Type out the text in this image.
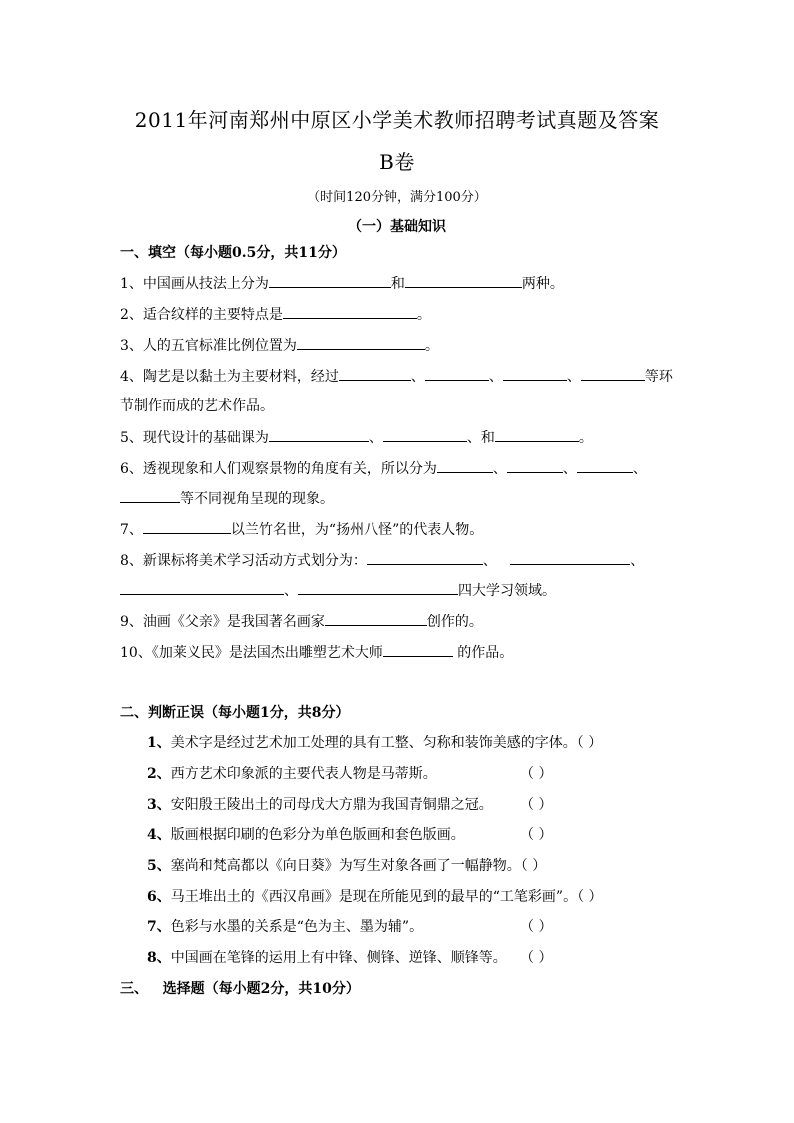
2011年河南郑州中原区小学美术教师招聘考试真题及答案
B卷
（时间120分钟，满分100分）
（一）基础知识
一、填空（每小题0.5分，共11分）
1、中国画从技法上分为	和	两种。
2、适合纹样的主要特点是	。
3、人的五官标准比例位置为	。
4、陶艺是以黏土为主要材料，经过	、	、	、	等环
节制作而成的艺术作品。
5、现代设计的基础课为	、	、和	。
6、透视现象和人们观察景物的角度有关，所以分为	、	、	、
等不同视角呈现的现象。
7、	以兰竹名世，为“扬州八怪”的代表人物。
8、新课标将美术学习活动方式划分为：	、	、
、	四大学习领域。
9、油画《父亲》是我国著名画家	创作的。
10、《加莱义民》是法国杰出雕塑艺术大师	的作品。
二、判断正误（每小题1分，共8分）
1、美术字是经过艺术加工处理的具有工整、匀称和装饰美感的字体。（ ）
2、西方艺术印象派的主要代表人物是马蒂斯。	（ ）
3、安阳殷王陵出土的司母戊大方鼎为我国青铜鼎之冠。 （ ）
4、版画根据印刷的色彩分为单色版画和套色版画。	（ ）
5、塞尚和梵高都以《向日葵》为写生对象各画了一幅静物。（ ）
6、马王堆出土的《西汉帛画》是现在所能见到的最早的“工笔彩画”。（ ）
7、色彩与水墨的关系是“色为主、墨为辅”。	（ ）
8、中国画在笔锋的运用上有中锋、侧锋、逆锋、顺锋等。 （ ）
三、   选择题（每小题2分，共10分）
